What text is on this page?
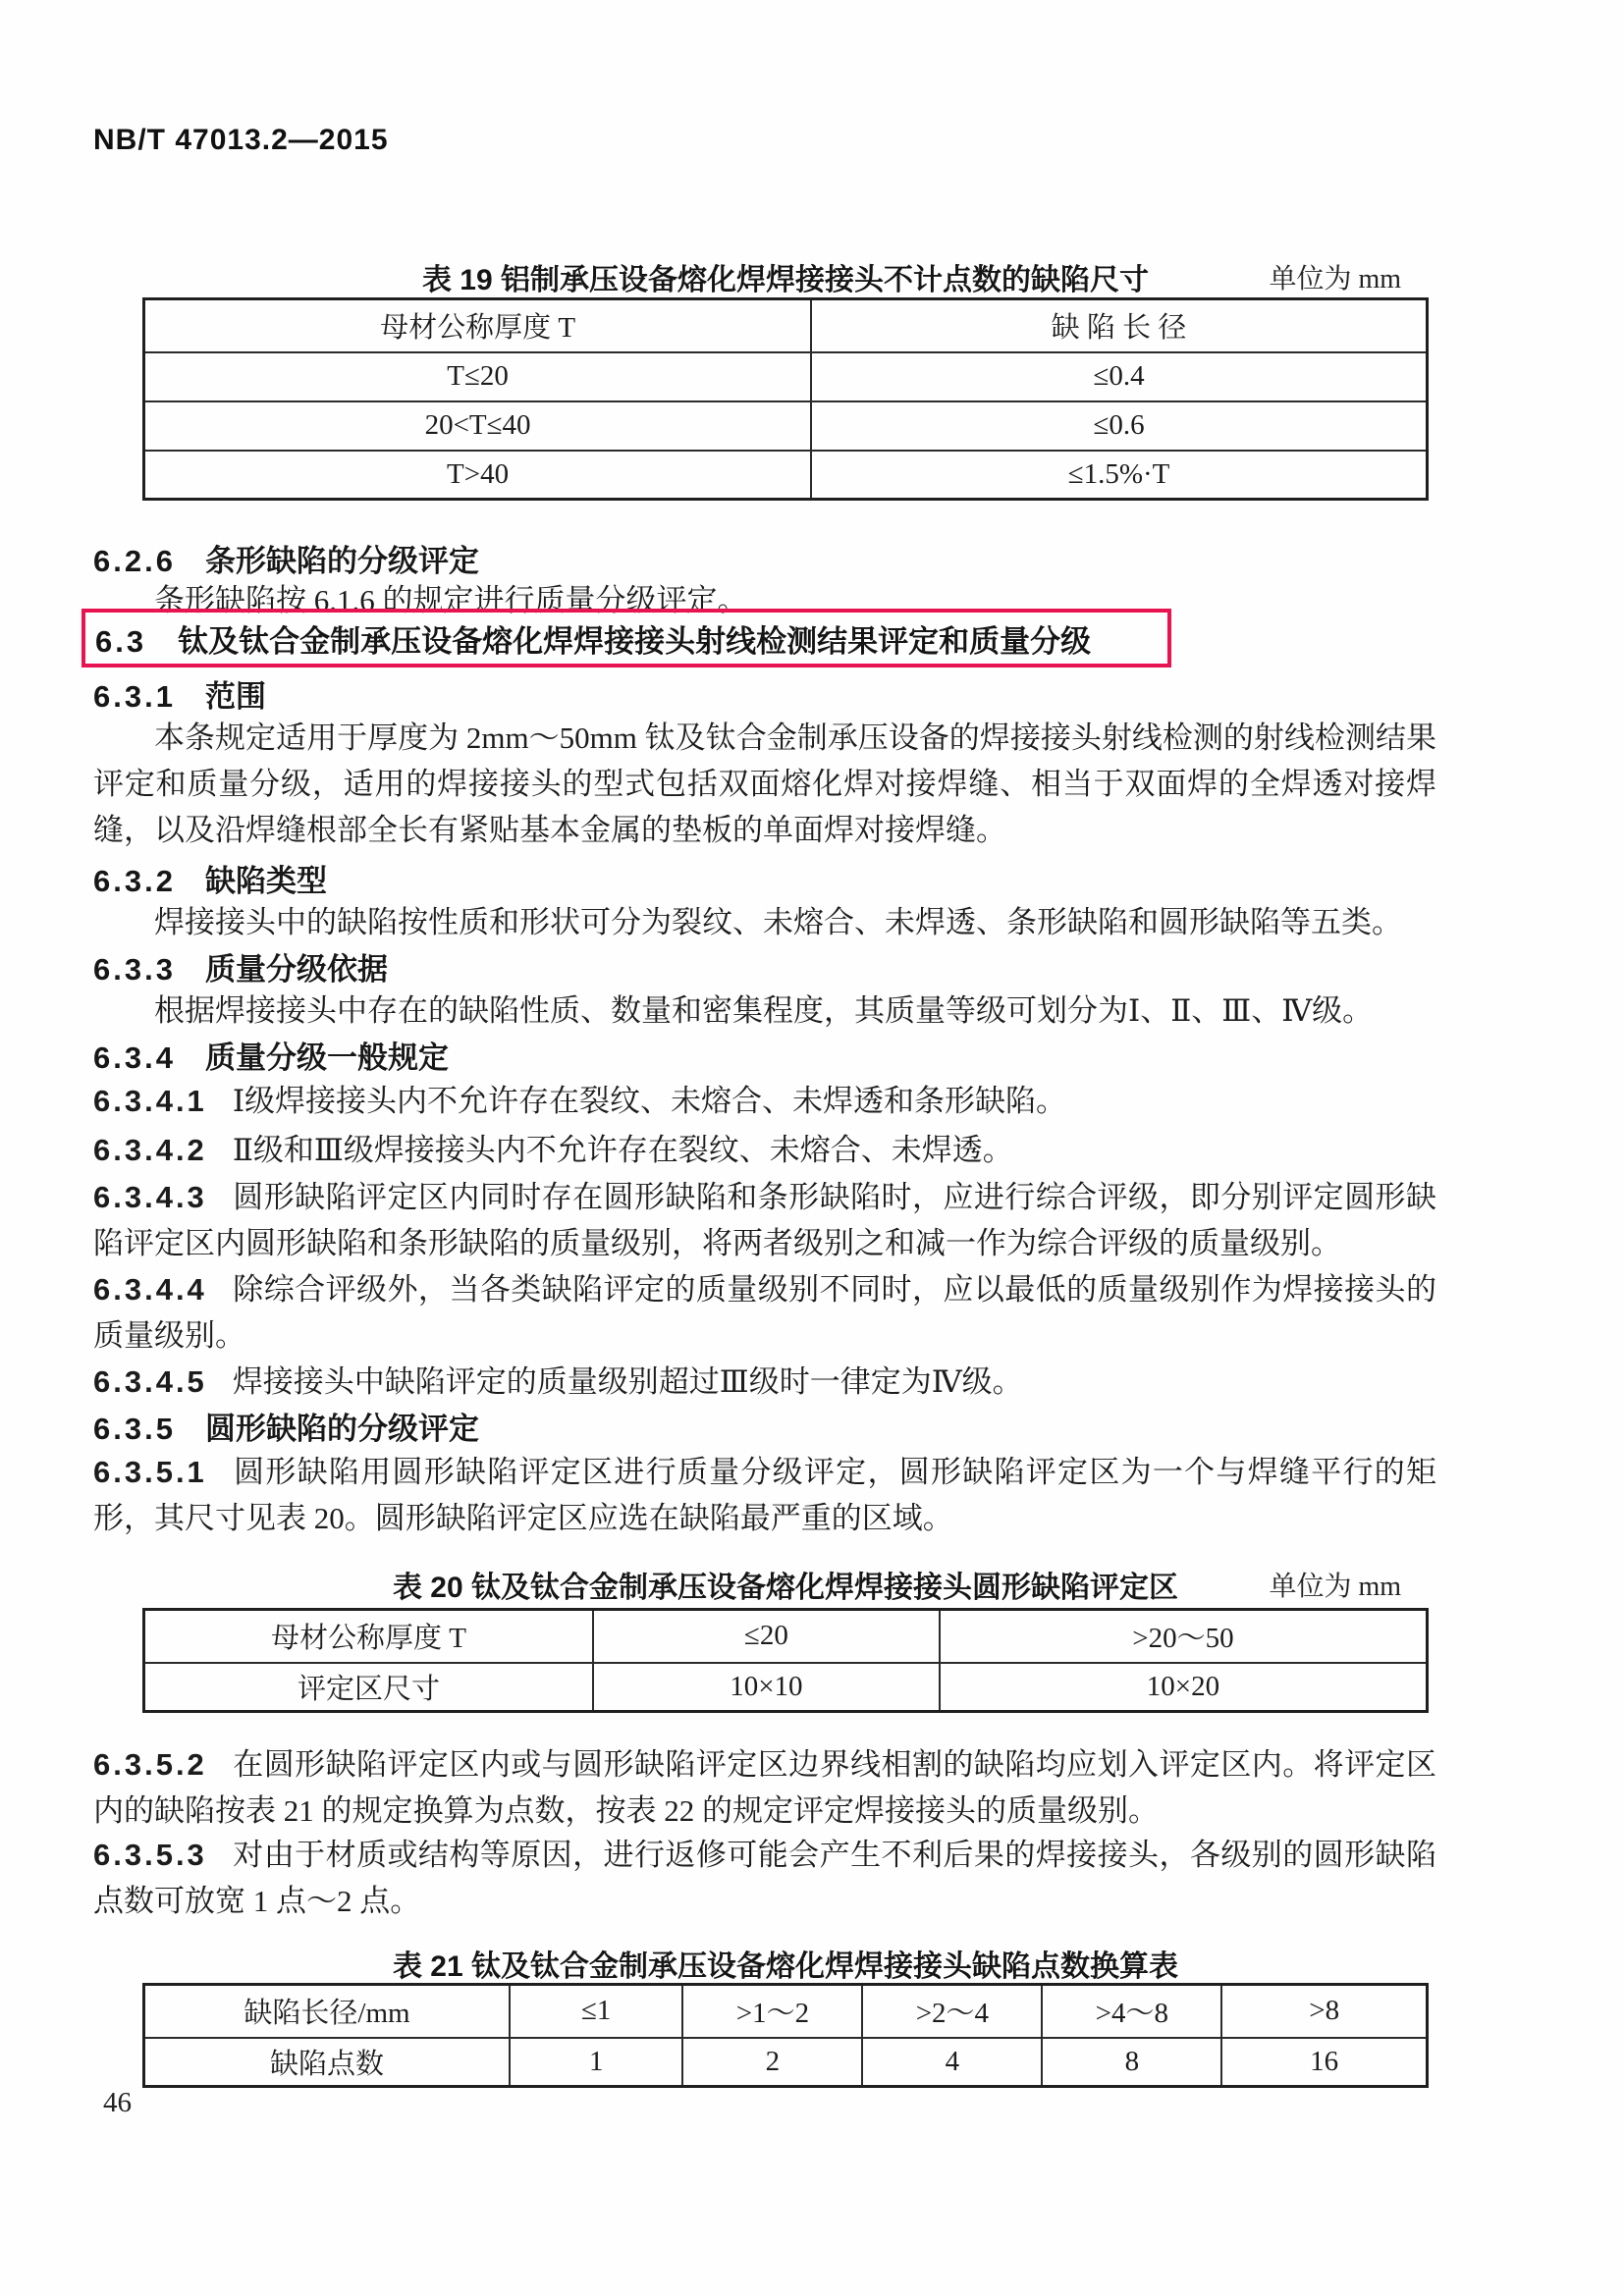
NB/T 47013.2—2015
表 19 铝制承压设备熔化焊焊接接头不计点数的缺陷尺寸	单位为 mm
母材公称厚度 T	缺 陷 长 径
T≤20	≤0.4
20<T≤40	≤0.6
T>40	≤1.5%·T
6.2.6 条形缺陷的分级评定
条形缺陷按 6.1.6 的规定进行质量分级评定。
6.3 钛及钛合金制承压设备熔化焊焊接接头射线检测结果评定和质量分级
6.3.1 范围
本条规定适用于厚度为 2mm～50mm 钛及钛合金制承压设备的焊接接头射线检测的射线检测结果评定和质量分级，适用的焊接接头的型式包括双面熔化焊对接焊缝、相当于双面焊的全焊透对接焊缝，以及沿焊缝根部全长有紧贴基本金属的垫板的单面焊对接焊缝。
6.3.2 缺陷类型
焊接接头中的缺陷按性质和形状可分为裂纹、未熔合、未焊透、条形缺陷和圆形缺陷等五类。
6.3.3 质量分级依据
根据焊接接头中存在的缺陷性质、数量和密集程度，其质量等级可划分为Ⅰ、Ⅱ、Ⅲ、Ⅳ级。
6.3.4 质量分级一般规定
6.3.4.1 Ⅰ级焊接接头内不允许存在裂纹、未熔合、未焊透和条形缺陷。
6.3.4.2 Ⅱ级和Ⅲ级焊接接头内不允许存在裂纹、未熔合、未焊透。
6.3.4.3 圆形缺陷评定区内同时存在圆形缺陷和条形缺陷时，应进行综合评级，即分别评定圆形缺陷评定区内圆形缺陷和条形缺陷的质量级别，将两者级别之和减一作为综合评级的质量级别。
6.3.4.4 除综合评级外，当各类缺陷评定的质量级别不同时，应以最低的质量级别作为焊接接头的质量级别。
6.3.4.5 焊接接头中缺陷评定的质量级别超过Ⅲ级时一律定为Ⅳ级。
6.3.5 圆形缺陷的分级评定
6.3.5.1 圆形缺陷用圆形缺陷评定区进行质量分级评定，圆形缺陷评定区为一个与焊缝平行的矩形，其尺寸见表 20。圆形缺陷评定区应选在缺陷最严重的区域。
表 20 钛及钛合金制承压设备熔化焊焊接接头圆形缺陷评定区	单位为 mm
母材公称厚度 T	≤20	>20～50
评定区尺寸	10×10	10×20
6.3.5.2 在圆形缺陷评定区内或与圆形缺陷评定区边界线相割的缺陷均应划入评定区内。将评定区内的缺陷按表 21 的规定换算为点数，按表 22 的规定评定焊接接头的质量级别。
6.3.5.3 对由于材质或结构等原因，进行返修可能会产生不利后果的焊接接头，各级别的圆形缺陷点数可放宽 1 点～2 点。
表 21 钛及钛合金制承压设备熔化焊焊接接头缺陷点数换算表
缺陷长径/mm	≤1	>1～2	>2～4	>4～8	>8
缺陷点数	1	2	4	8	16
46
